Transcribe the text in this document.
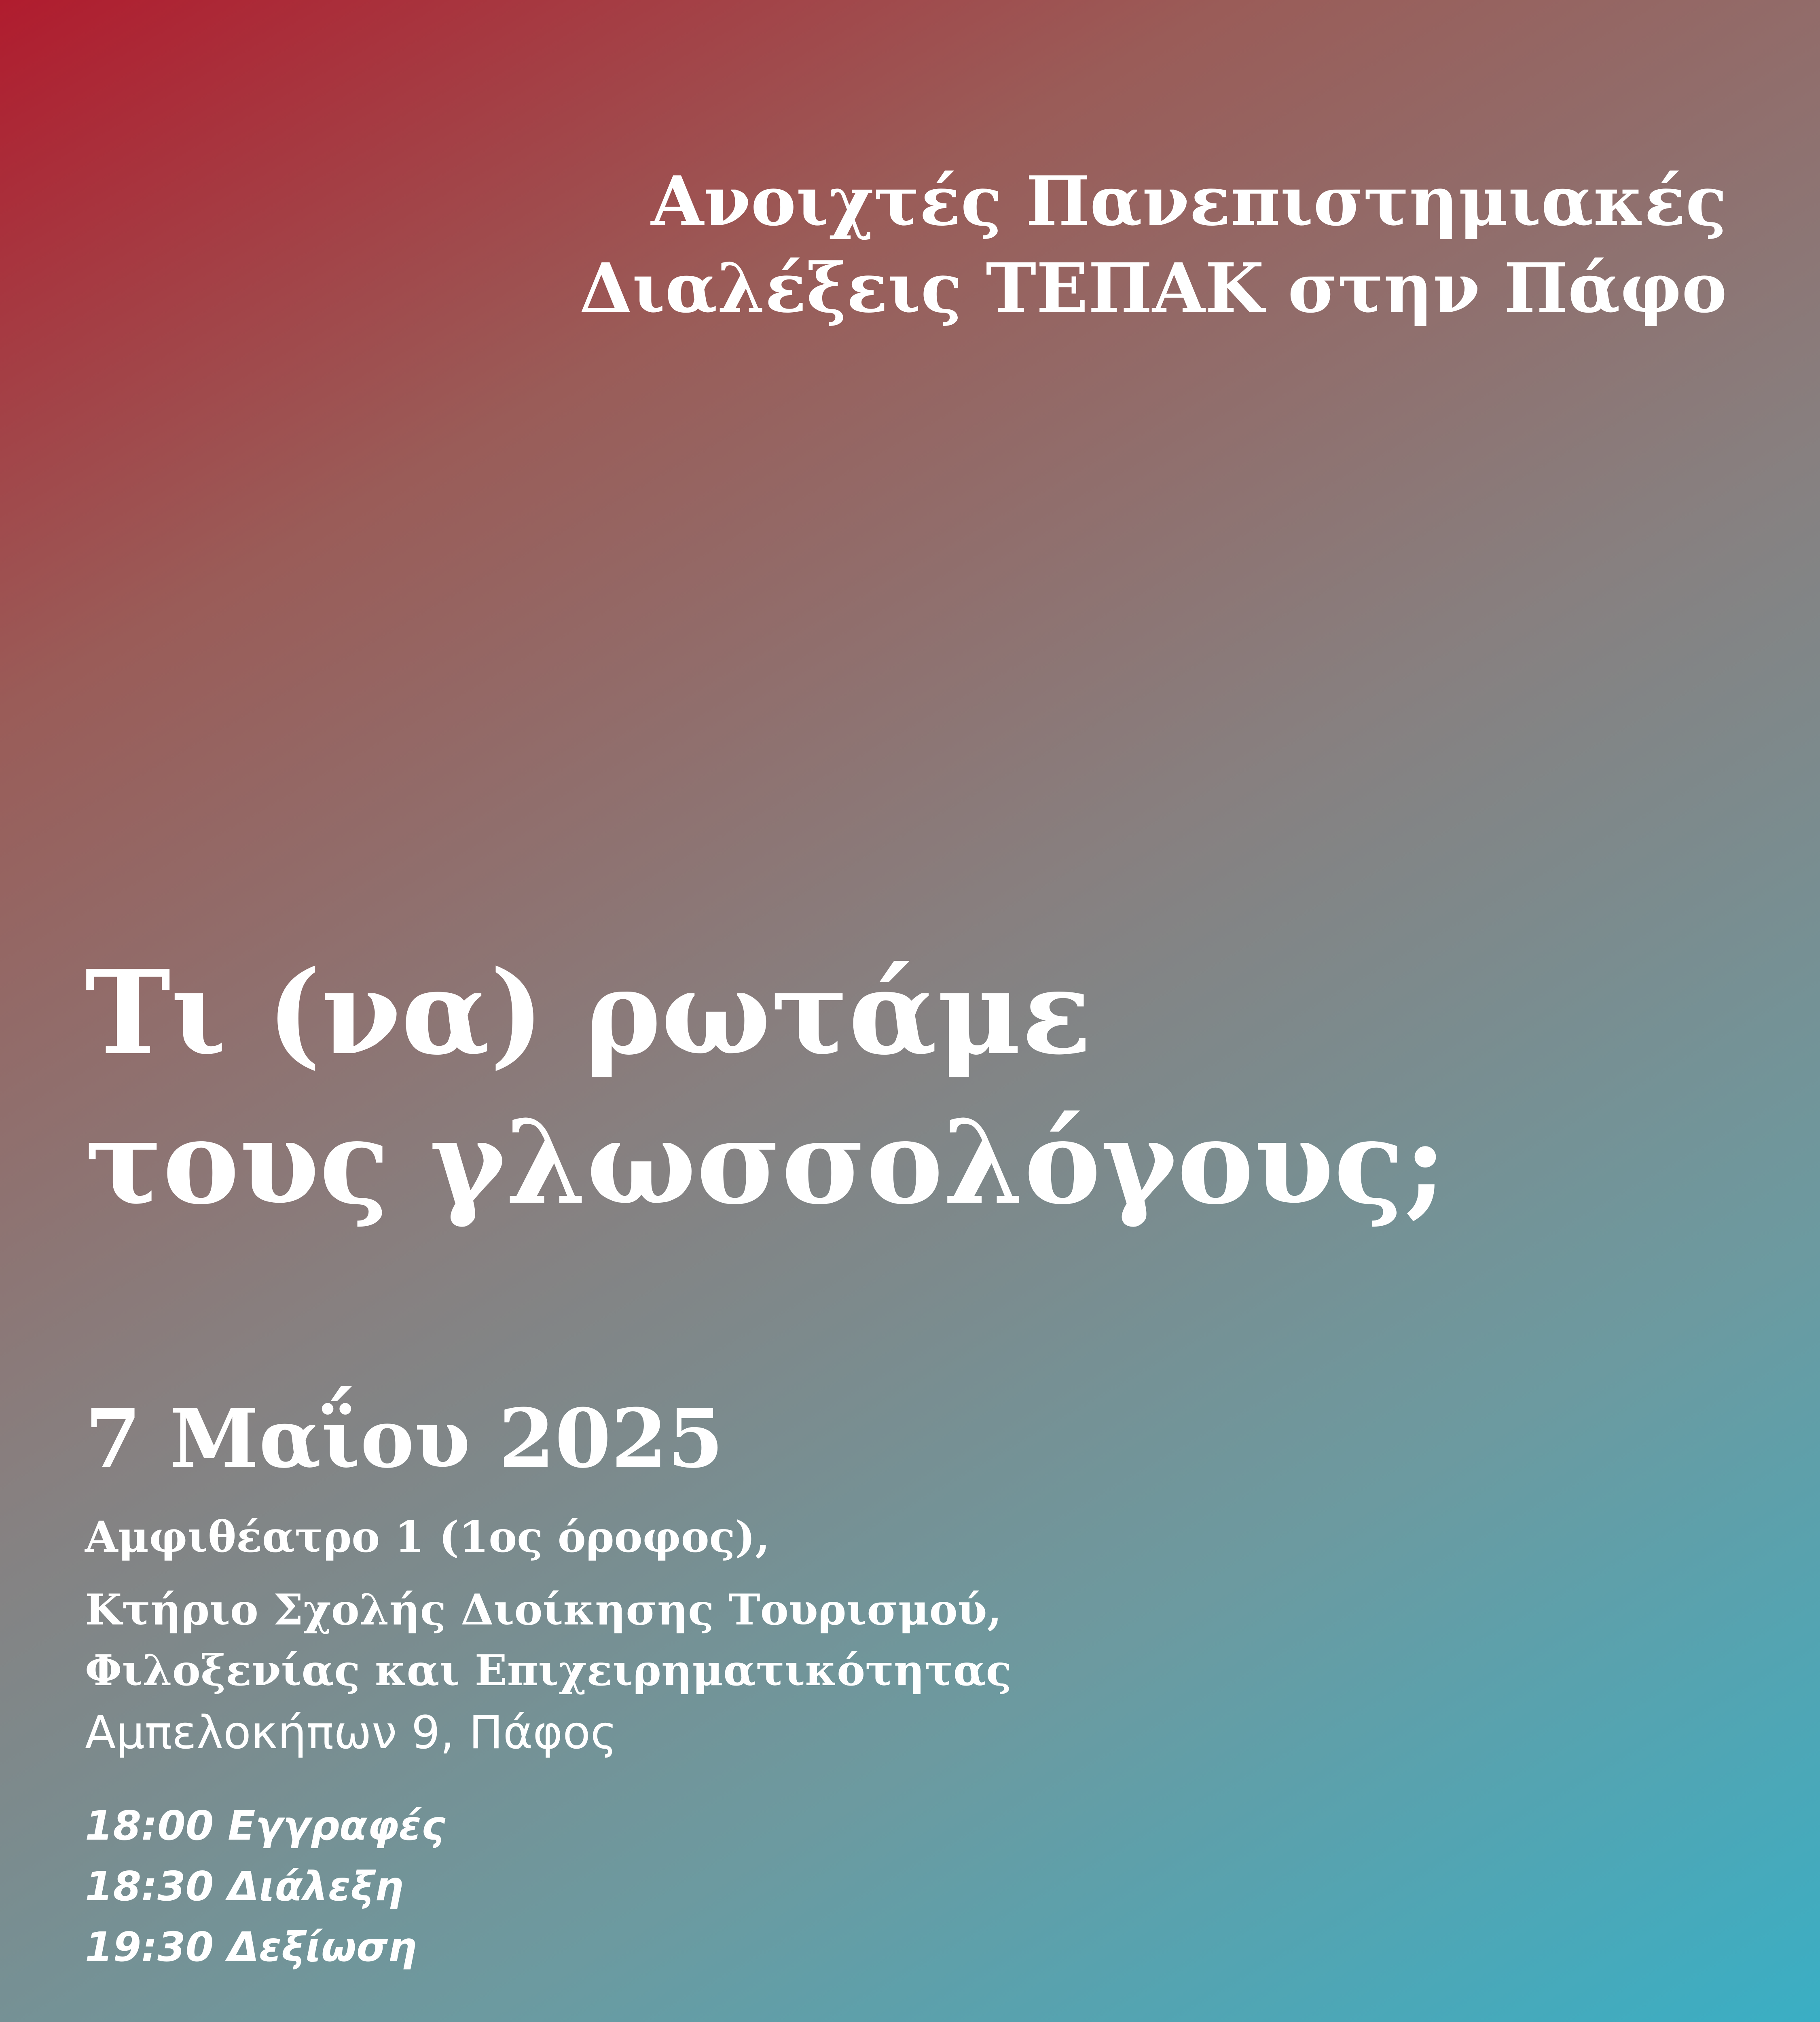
Ανοιχτές Πανεπιστημιακές
Διαλέξεις ΤΕΠΑΚ στην Πάφο
Τι (να) ρωτάμε
τους γλωσσολόγους;
7 Μαΐου 2025
Αμφιθέατρο 1 (1ος όροφος),
Κτήριο Σχολής Διοίκησης Τουρισμού,
Φιλοξενίας και Επιχειρηματικότητας
Αμπελοκήπων 9, Πάφος
18:00 Εγγραφές
18:30 Διάλεξη
19:30 Δεξίωση
